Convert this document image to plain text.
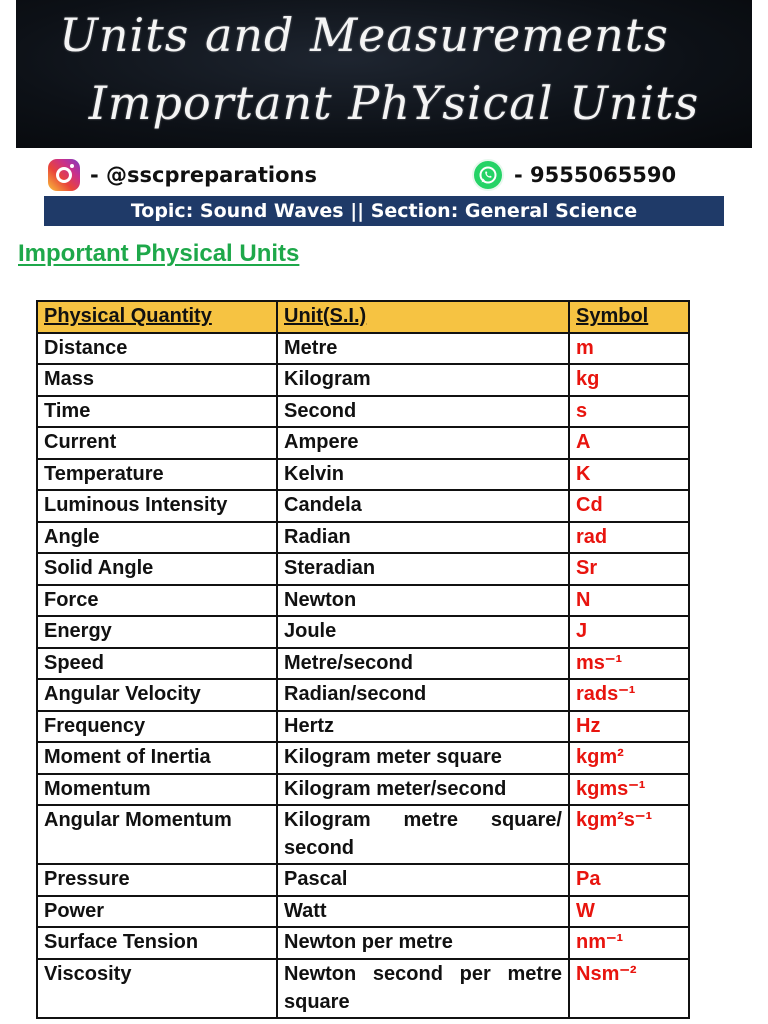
Units and Measurements
Important PhYsical Units
- @sscpreparations	- 9555065590
Topic: Sound Waves || Section: General Science
Important Physical Units
Physical Quantity	Unit(S.I.)	Symbol
Distance	Metre	m
Mass	Kilogram	kg
Time	Second	s
Current	Ampere	A
Temperature	Kelvin	K
Luminous Intensity	Candela	Cd
Angle	Radian	rad
Solid Angle	Steradian	Sr
Force	Newton	N
Energy	Joule	J
Speed	Metre/second	ms⁻¹
Angular Velocity	Radian/second	rads⁻¹
Frequency	Hertz	Hz
Moment of Inertia	Kilogram meter square	kgm²
Momentum	Kilogram meter/second	kgms⁻¹
Angular Momentum	Kilogram metre square/ second	kgm²s⁻¹
Pressure	Pascal	Pa
Power	Watt	W
Surface Tension	Newton per metre	nm⁻¹
Viscosity	Newton second per metre square	Nsm⁻²
